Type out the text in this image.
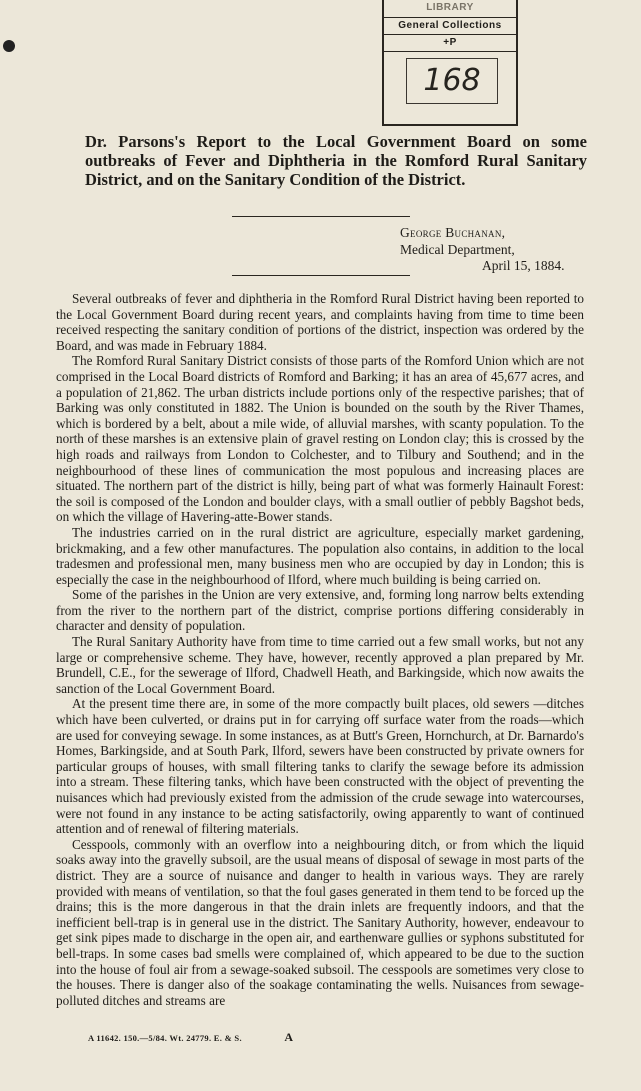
LIBRARY
General Collections
+P
168
Dr. Parsons's Report to the Local Government Board on some outbreaks of Fever and Diphtheria in the Romford Rural Sanitary District, and on the Sanitary Condition of the District.
George Buchanan,
Medical Department,
April 15, 1884.

Several outbreaks of fever and diphtheria in the Romford Rural District having been reported to the Local Government Board during recent years, and complaints having from time to time been received respecting the sanitary condition of portions of the district, inspection was ordered by the Board, and was made in February 1884.

The Romford Rural Sanitary District consists of those parts of the Romford Union which are not comprised in the Local Board districts of Romford and Barking; it has an area of 45,677 acres, and a population of 21,862. The urban districts include portions only of the respective parishes; that of Barking was only constituted in 1882. The Union is bounded on the south by the River Thames, which is bordered by a belt, about a mile wide, of alluvial marshes, with scanty population. To the north of these marshes is an extensive plain of gravel resting on London clay; this is crossed by the high roads and railways from London to Colchester, and to Tilbury and Southend; and in the neighbourhood of these lines of communication the most populous and increasing places are situated. The northern part of the district is hilly, being part of what was formerly Hainault Forest: the soil is composed of the London and boulder clays, with a small outlier of pebbly Bagshot beds, on which the village of Havering-atte-Bower stands.

The industries carried on in the rural district are agriculture, especially market gardening, brickmaking, and a few other manufactures. The population also contains, in addition to the local tradesmen and professional men, many business men who are occupied by day in London; this is especially the case in the neighbourhood of Ilford, where much building is being carried on.

Some of the parishes in the Union are very extensive, and, forming long narrow belts extending from the river to the northern part of the district, comprise portions differing considerably in character and density of population.

The Rural Sanitary Authority have from time to time carried out a few small works, but not any large or comprehensive scheme. They have, however, recently approved a plan prepared by Mr. Brundell, C.E., for the sewerage of Ilford, Chadwell Heath, and Barkingside, which now awaits the sanction of the Local Government Board.

At the present time there are, in some of the more compactly built places, old sewers —ditches which have been culverted, or drains put in for carrying off surface water from the roads—which are used for conveying sewage. In some instances, as at Butt's Green, Hornchurch, at Dr. Barnardo's Homes, Barkingside, and at South Park, Ilford, sewers have been constructed by private owners for particular groups of houses, with small filtering tanks to clarify the sewage before its admission into a stream. These filtering tanks, which have been constructed with the object of preventing the nuisances which had previously existed from the admission of the crude sewage into watercourses, were not found in any instance to be acting satisfactorily, owing apparently to want of continued attention and of renewal of filtering materials.

Cesspools, commonly with an overflow into a neighbouring ditch, or from which the liquid soaks away into the gravelly subsoil, are the usual means of disposal of sewage in most parts of the district. They are a source of nuisance and danger to health in various ways. They are rarely provided with means of ventilation, so that the foul gases generated in them tend to be forced up the drains; this is the more dangerous in that the drain inlets are frequently indoors, and that the inefficient bell-trap is in general use in the district. The Sanitary Authority, however, endeavour to get sink pipes made to discharge in the open air, and earthenware gullies or syphons substituted for bell-traps. In some cases bad smells were complained of, which appeared to be due to the suction into the house of foul air from a sewage-soaked subsoil. The cesspools are sometimes very close to the houses. There is danger also of the soakage contaminating the wells. Nuisances from sewage-polluted ditches and streams are

A 11642. 150.—5/84. Wt. 24779. E. & S.	A
